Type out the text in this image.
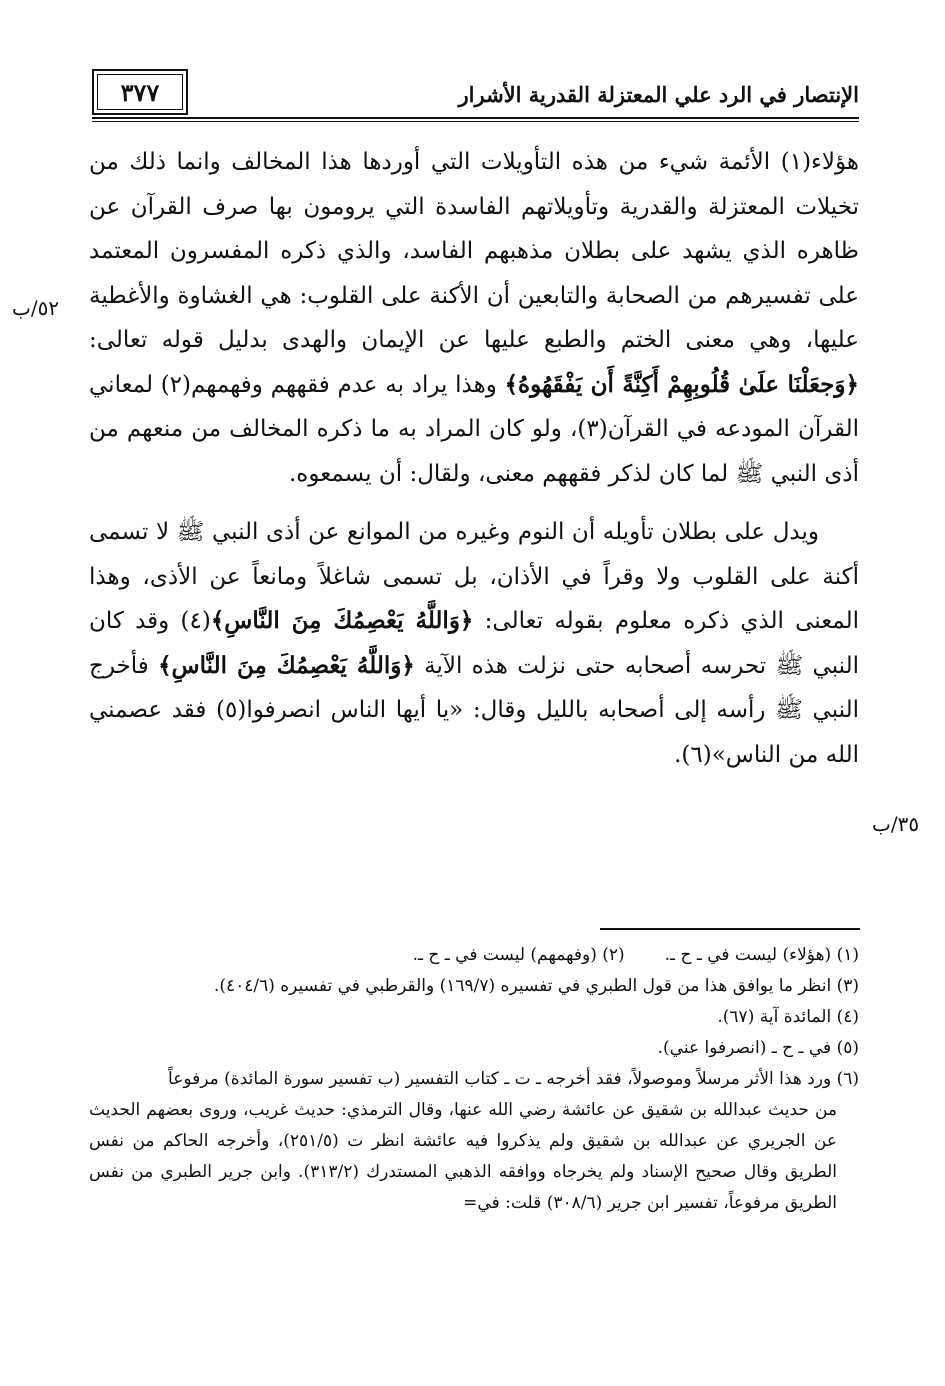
الإنتصار في الرد علي المعتزلة القدرية الأشرار
٣٧٧
٥٢/ب
٣٥/ب

هؤلاء(١) الأئمة شيء من هذه التأويلات التي أوردها هذا المخالف وانما ذلك من تخيلات المعتزلة والقدرية وتأويلاتهم الفاسدة التي يرومون بها صرف القرآن عن ظاهره الذي يشهد على بطلان مذهبهم الفاسد، والذي ذكره المفسرون المعتمد على تفسيرهم من الصحابة والتابعين أن الأكنة على القلوب: هي الغشاوة والأغطية عليها، وهي معنى الختم والطبع عليها عن الإيمان والهدى بدليل قوله تعالى: ﴿وَجعَلْنَا علَىٰ قُلُوبِهِمْ أَكِنَّةً أَن يَفْقَهُوهُ﴾ وهذا يراد به عدم فقههم وفهمهم(٢) لمعاني القرآن المودعه في القرآن(٣)، ولو كان المراد به ما ذكره المخالف من منعهم من أذى النبي ﷺ لما كان لذكر فقههم معنى، ولقال: أن يسمعوه.

ويدل على بطلان تأويله أن النوم وغيره من الموانع عن أذى النبي ﷺ لا تسمى أكنة على القلوب ولا وقراً في الأذان، بل تسمى شاغلاً ومانعاً عن الأذى، وهذا المعنى الذي ذكره معلوم بقوله تعالى: ﴿وَاللَّهُ يَعْصِمُكَ مِنَ النَّاسِ﴾(٤) وقد كان النبي ﷺ تحرسه أصحابه حتى نزلت هذه الآية ﴿وَاللَّهُ يَعْصِمُكَ مِنَ النَّاسِ﴾ فأخرج النبي ﷺ رأسه إلى أصحابه بالليل وقال: «يا أيها الناس انصرفوا(٥) فقد عصمني الله من الناس»(٦).

(١) (هؤلاء) ليست في ـ ح ـ.(٢) (وفهمهم) ليست في ـ ح ـ.

(٣) انظر ما يوافق هذا من قول الطبري في تفسيره (١٦٩/٧) والقرطبي في تفسيره (٤٠٤/٦).

(٤) المائدة آية (٦٧).

(٥) في ـ ح ـ (انصرفوا عني).

(٦) ورد هذا الأثر مرسلاً وموصولاً، فقد أخرجه ـ ت ـ كتاب التفسير (ب تفسير سورة المائدة) مرفوعاً
من حديث عبدالله بن شقيق عن عائشة رضي الله عنها، وقال الترمذي: حديث غريب، وروى بعضهم الحديث عن الجريري عن عبدالله بن شقيق ولم يذكروا فيه عائشة انظر ت (٢٥١/٥)، وأخرجه الحاكم من نفس الطريق وقال صحيح الإسناد ولم يخرجاه ووافقه الذهبي المستدرك (٣١٣/٢). وابن جرير الطبري من نفس الطريق مرفوعاً، تفسير ابن جرير (٣٠٨/٦) قلت: في=
